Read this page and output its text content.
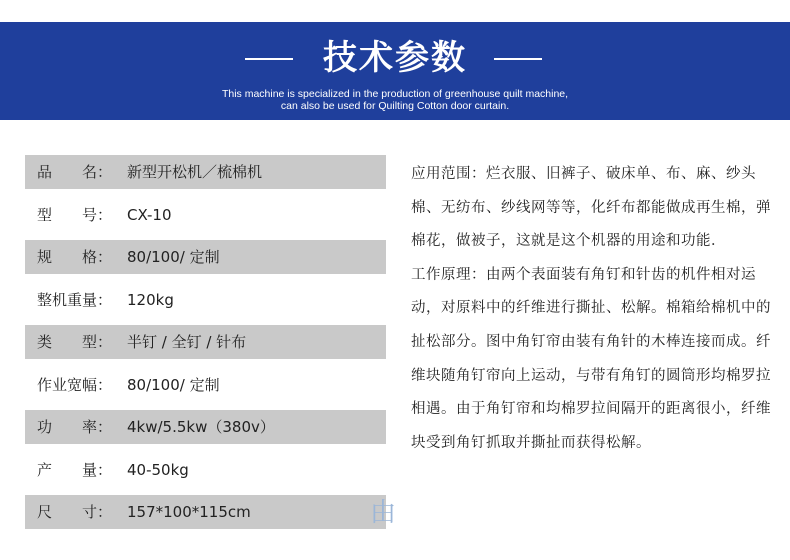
技术参数
This machine is specialized in the production of greenhouse quilt machine,
can also be used for Quilting Cotton door curtain.
品　　名： 新型开松机／梳棉机
型　　号： CX-10
规　　格： 80/100/ 定制
整机重量： 120kg
类　　型： 半钉 / 全钉 / 针布
作业宽幅： 80/100/ 定制
功　　率： 4kw/5.5kw（380v）
产　　量： 40-50kg
尺　　寸： 157*100*115cm	由

应用范围：烂衣服、旧裤子、破床单、布、麻、纱头棉、无纺布、纱线网等等，化纤布都能做成再生棉，弹棉花，做被子，这就是这个机器的用途和功能．

工作原理：由两个表面装有角钉和针齿的机件相对运动，对原料中的纤维进行撕扯、松解。棉箱给棉机中的扯松部分。图中角钉帘由装有角针的木棒连接而成。纤维块随角钉帘向上运动，与带有角钉的圆筒形均棉罗拉相遇。由于角钉帘和均棉罗拉间隔开的距离很小，纤维块受到角钉抓取并撕扯而获得松解。
